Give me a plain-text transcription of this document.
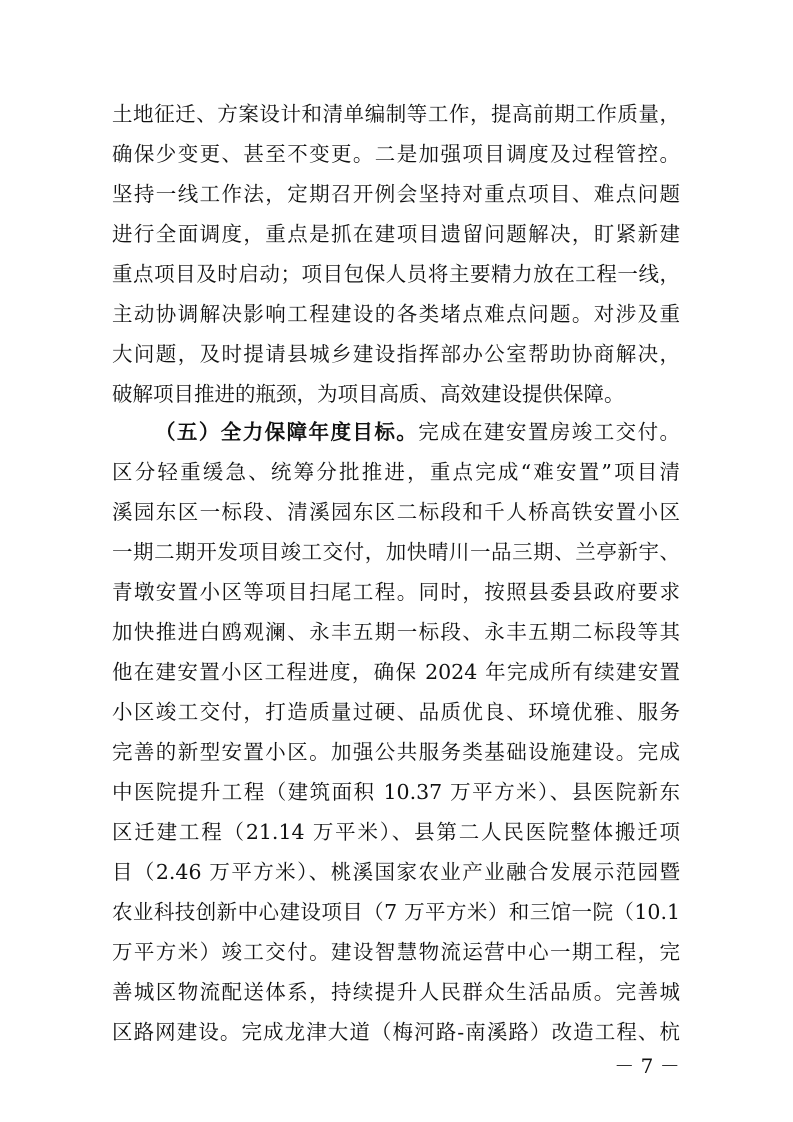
土地征迁、方案设计和清单编制等工作，提高前期工作质量，
确保少变更、甚至不变更。二是加强项目调度及过程管控。
坚持一线工作法，定期召开例会坚持对重点项目、难点问题
进行全面调度，重点是抓在建项目遗留问题解决，盯紧新建
重点项目及时启动；项目包保人员将主要精力放在工程一线，
主动协调解决影响工程建设的各类堵点难点问题。对涉及重
大问题，及时提请县城乡建设指挥部办公室帮助协商解决，
破解项目推进的瓶颈，为项目高质、高效建设提供保障。
（五）全力保障年度目标。完成在建安置房竣工交付。
区分轻重缓急、统筹分批推进，重点完成“难安置”项目清
溪园东区一标段、清溪园东区二标段和千人桥高铁安置小区
一期二期开发项目竣工交付，加快晴川一品三期、兰亭新宇、
青墩安置小区等项目扫尾工程。同时，按照县委县政府要求
加快推进白鸥观澜、永丰五期一标段、永丰五期二标段等其
他在建安置小区工程进度，确保 2024 年完成所有续建安置
小区竣工交付，打造质量过硬、品质优良、环境优雅、服务
完善的新型安置小区。加强公共服务类基础设施建设。完成
中医院提升工程（建筑面积 10.37 万平方米）、县医院新东
区迁建工程（21.14 万平米）、县第二人民医院整体搬迁项
目（2.46 万平方米）、桃溪国家农业产业融合发展示范园暨
农业科技创新中心建设项目（7 万平方米）和三馆一院（10.1
万平方米）竣工交付。建设智慧物流运营中心一期工程，完
善城区物流配送体系，持续提升人民群众生活品质。完善城
区路网建设。完成龙津大道（梅河路-南溪路）改造工程、杭
－ 7 －
